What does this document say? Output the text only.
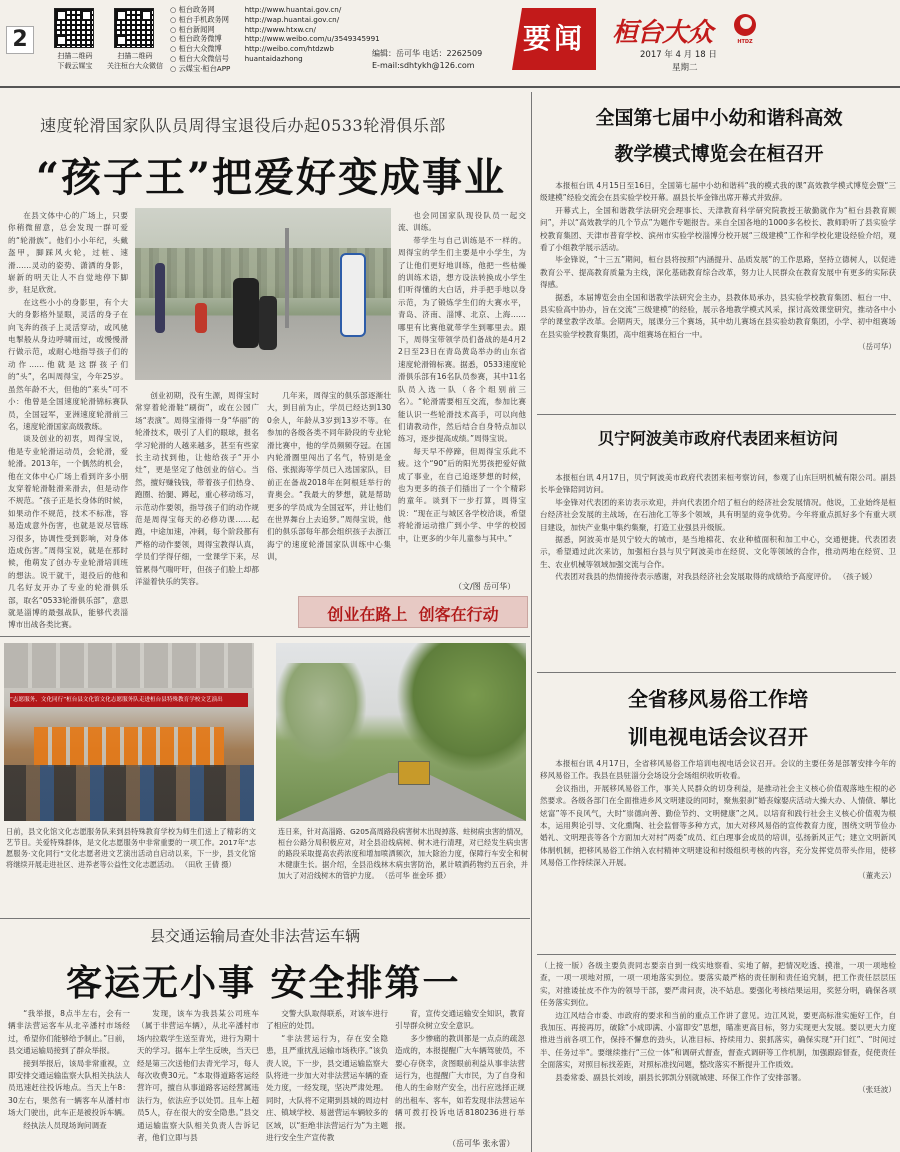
2
扫描二维码
下载云媒宝
扫描二维码
关注桓台大众微信
○ 桓台政务网	http://www.huantai.gov.cn/
○ 桓台手机政务网 http://wap.huantai.gov.cn/
○ 桓台新闻网	http://www.htxw.cn/
○ 桓台政务微博	http://www.weibo.com/u/3549345991
○ 桓台大众微博	http://weibo.com/htdzwb
○ 桓台大众微信号 huantaidazhong
○ 云媒宝·桓台APP
编辑：岳可华 电话：2262509
E-mail:sdhtykh@126.com
要闻	桓台大众	HTDZ
2017 年 4 月 18 日
星期二
速度轮滑国家队队员周得宝退役后办起0533轮滑俱乐部
“孩子王”把爱好变成事业

在县文体中心的广场上，只要你稍微留意，总会发现一群可爱的“轮滑族”。他们小小年纪，头戴盔甲，脚踩风火轮，过桩、速滑……灵动的姿势、潇洒的身影，崭新的明天让人不自觉地停下脚步，驻足欣赏。

在这些小小的身影里，有个大大的身影格外显眼，灵活的身子在向飞奔的孩子上灵活穿动，或风驰电掣般从身边呼啸而过，或慢慢滑行做示范，或耐心地指导孩子们的动作……他就是这群孩子们的“头”，名叫周得宝，今年25岁。虽然年龄不大，但他的“来头”可不小：他曾是全国速度轮滑锦标赛队员，全国冠军，亚洲速度轮滑前三名，速度轮滑国家高级教练。

谈及创业的初衷，周得宝说，他是专业轮滑运动员，会轮滑，爱轮滑。2013年，一个偶然的机会，他在文体中心广场上看到许多小朋友穿着轮滑鞋滑来滑去，但是动作不规范。“孩子正是长身体的时候，如果动作不规范，技术不标准，容易造成意外伤害，也就是说尽管练习很多，协调性受到影响，对身体造成伤害。”周得宝说，就是在那时候，他萌发了创办专业轮滑培训班的想法。说干就干，退役后的他和几名好友开办了专业的轮滑俱乐部，取名“0533轮滑俱乐部”，意思就是淄博的最强战队，能够代表淄博市出战各类比赛。

创业初期，没有生源，周得宝时常穿着轮滑鞋“刷街”，或在公园广场“表演”。周得宝滑得一身“华丽”的轮滑技术，吸引了人们的眼球，报名学习轮滑的人越来越多，甚至有些家长主动找到他，让他给孩子“开小灶”，更是坚定了他创业的信心。当然，擅好赚钱钱，带着孩子们热身、跑圈、抬腿、蹲起，重心移动练习，示范动作要领，指导孩子们的动作规范是周得宝每天的必修功课……起跑，中途加速，冲刺，每个阶段都有严格的动作要领，周得宝教得认真，学员们学得仔细，一堂课学下来，尽管累得气喘吁吁，但孩子们脸上却都洋溢着快乐的笑容。

几年来，周得宝的俱乐部逐渐壮大，到目前为止，学员已经达到1300余人，年龄从3岁到13岁不等。在参加的各级各类不同年龄段的专业轮滑比赛中，他的学员频频夺冠。在国内轮滑圈里闯出了名气，特别是金俗、张振海等学员已入选国家队，目前正在备战2018年在阿根廷举行的青奥会。“我最大的梦想，就是帮助更多的学员成为全国冠军，并让他们在世界舞台上去追梦。”周得宝说，他们的俱乐部每年都会组织孩子去浙江海宁的速度轮滑国家队训练中心集训，

也会同国家队现役队员一起交流、训练。

带学生与自己训练是不一样的。周得宝的学生们主要是中小学生，为了让他们更好地训练，他把一些枯燥的训练术语，想方设法转换成小学生们听得懂的大白话，并手把手地以身示范，为了锻炼学生们的大赛水平，青岛、济南、淄博、北京、上海……哪里有比赛他就带学生到哪里去。跟下，周得宝带领学员们备战的是4月22日至23日在青岛黄岛举办的山东省速度轮滑锦标赛。据悉，0533速度轮滑俱乐部有16名队员参赛，其中11名队员入选一队（各个组别前三名）。“轮滑需要相互交流，参加比赛能认识一些轮滑技术高手，可以向他们请教动作，然后结合自身特点加以练习，逐步提高成绩。”周得宝说。

每天早不停蹄，但周得宝乐此不疲。这个“90”后的阳光男孩把爱好做成了事业，在自己追逐梦想的时候，也为更多的孩子们插出了一个个精彩的童年。谈到下一步打算，周得宝说：“现在正与城区各学校洽谈，希望将轮滑运动推广到小学、中学的校园中，让更多的少年儿童参与其中。”

（文/图 岳可华）
创业在路上  创客在行动
“志愿服务、文化同行”桓台县文化馆文化志愿服务队走进桓台县特殊教育学校文艺演出
日前，县文化馆文化志愿服务队来到县特殊教育学校为师生们送上了精彩的文艺节目。关爱特殊群体，是文化志愿服务中非常重要的一项工作。2017年“志愿服务·文化同行”文化志愿者进文艺演出活动自启动以来，下一步，县文化馆将继续开展走进社区、进养老等公益性文化志愿活动。 （田欣 王倩 摄）
连日来，针对高淄路、G205高周路段病害树木出现掉落、蛀树病虫害的情况，桓台公路分局积极应对，对全县沿线病树、树木进行清理，对已经发生病虫害的路段采取提高农药浓度和增加喷洒频次，加大除治力度，保障行车安全和树木健康生长。据介绍，全县沿线林木病虫害防治，累计喷洒药物约五百余，并加大了对沿线树木的管护力度。 （岳可华 崔金环 摄）
县交通运输局查处非法营运车辆
客运无小事 安全排第一

“我举报，8点半左右，会有一辆非法营运客车从北辛潘村市场经过，希望你们能够给予制止。”日前，县交通运输局接到了群众举报。

接到举报后，该局非常重视，立即安排交通运输监察大队相关执法人员迅速赶往投诉地点。当天上午8：30左右，果然有一辆客车从潘村市场大门驶出，此车正是被投诉车辆。

经执法人员现场询问调查

发现，该车为我县某公司班车（属于非营运车辆），从北辛潘村市场内拉载学生送至青光，进行为期十天的学习。据车上学生反映，当天已经是第三次送他们去青光学习，每人每次收费30元。“本取得道路客运经营许可，擅自从事道路客运经营属违法行为，依法应予以处罚。且车上超员5人，存在很大的安全隐患。”县交通运输监察大队相关负责人告诉记者，他们立即与县

交警大队取得联系，对该车进行了相应的处罚。

“非法营运行为，存在安全隐患，且严重扰乱运输市场秩序。”该负责人说，下一步，县交通运输监察大队将进一步加大对非法营运车辆的查处力度，一经发现，坚决严肃处理。同时，大队将不定期到县城的周边村庄、镇域学校、易滋营运车辆较多的区域，以“拒绝非法营运行为”为主题进行安全生产宣传教

育，宣传交通运输安全知识，教育引导群众树立安全意识。

多少惨痛的教训都是一点点的疏忽造成的，本报提醒广大车辆驾驶员，不要心存侥幸，贪图眼前利益从事非法营运行为，也提醒广大市民，为了自身和他人的生命财产安全，出行应选择正规的出租车、客车，如若发现非法营运车辆可拨打投诉电话8180236进行举报。

（岳可华 张永雷）
全国第七届中小幼和谐科高效
教学模式博览会在桓召开

本报桓台讯 4月15日至16日，全国第七届中小幼和谐科“我的模式我的课”高效教学模式博览会暨“三级建模”经验交流会在县实验学校开幕。副县长毕金锋出席开幕式并致辞。

开幕式上，全国和谐教学法研究会理事长、天津教育科学研究院教授王敏勤就作为“桓台县教育顾问”，并以“高效教学的几个节点”为题作专题报告。来自全国各地的1000多名校长、教师聆听了县实验学校教育集团、天津市普育学校、滨州市实验学校淄博分校开展“三级建模”工作和学校化建设经验介绍，观看了小组教学展示活动。

毕金锋说，“十三五”期间，桓台县将按照“内涵提升、品质发展”的工作思路，坚持立德树人，以促进教育公平、提高教育质量为主线，深化基础教育综合改革，努力让人民群众在教育发展中有更多的实际获得感。

据悉，本届博览会由全国和谐教学法研究会主办，县教体局承办，县实验学校教育集团、桓台一中、县实验高中协办，旨在交流“三级建模”的经验，展示各地教学模式风采，探讨高效课堂研究，推动各中小学的课堂教学改革。会期两天，展课分三个赛场，其中幼儿赛场在县实验幼教育集团，小学、初中组赛场在县实验学校教育集团，高中组赛场在桓台一中。

（岳可华）

贝宁阿波美市政府代表团来桓访问

本报桓台讯 4月17日，贝宁阿波美市政府代表团来桓考察访问，参观了山东巨明机械有限公司。副县长毕金锋陪同访问。

毕金锋对代表团的来访表示欢迎，并向代表团介绍了桓台的经济社会发展情况。他说，工业始终是桓台经济社会发展的主战场，在石油化工等多个领域，具有明显的竞争优势。今年将重点抓好多个有重大项目建设，加快产业集中集约集聚，打造工业强县升级版。

据悉，阿波美市是贝宁较大的城市，是当地棉花、农业种植面积和加工中心，交通便捷。代表团表示，希望通过此次来访，加强桓台县与贝宁阿波美市在经贸、文化等领域的合作，推动两地在经贸、卫生、农业机械等领域加强交流与合作。

代表团对我县的热情接待表示感谢，对我县经济社会发展取得的成绩给予高度评价。 （孩子媛）

全省移风易俗工作培
训电视电话会议召开

本报桓台讯 4月17日，全省移风易俗工作培训电视电话会议召开。会议的主要任务是部署安排今年的移风易俗工作。我县在县驻淄分会场设分会场组织收听收看。

会议指出，开展移风易俗工作，事关人民群众的切身利益，是推动社会主义核心价值观落地生根的必然要求。各级各部门在全面推进乡风文明建设的同时，聚焦狠刹“婚丧嫁娶庆活动大操大办、人情债、攀比炫富”等不良风气，大时“崇德向善、勤俭节约、文明健康”之风。以培育和践行社会主义核心价值观为根本，运用舆论引导、文化熏陶、社会监督等多种方式，加大对移风易俗的宣传教育力度，围绕文明节俭办婚礼、文明理丧等各个方面加大对村“两委”成员、红白理事会成员的培训，弘扬新风正气；建立文明新风体制机制，把移风易俗工作纳入农村精神文明建设和村级组织考核的内容，充分发挥党员带头作用，使移风易俗工作持续深入开展。

（董兆云）

（上接一版）各级主要负责同志要亲自到一线实地察看、实地了解，把情况吃透、摸准，一项一项地检查，一项一项地对照，一项一项地落实到位。要落实最严格的责任制和责任追究制，把工作责任层层压实，对推诿扯皮不作为的领导干部，要严肃问责，决不姑息。要强化考核结果运用，奖惩分明，确保各项任务落实到位。

边江风结合市委、市政府的要求和当前的重点工作讲了意见。边江风说，要更高标准实施好工作，自我加压、再接再厉，破除“小成即满、小富即安”思想，瞄准更高目标，努力实现更大发展。要以更大力度推进当前各项工作，保持不懈怠的劲头，认准目标、持续用力、狠抓落实，确保实现“开门红”、“时间过半、任务过半”。要继续推行“三位一体”和调研式督查，督查式调研等工作机制，加强跟踪督查，促使责任全面落实，对照目标找差距，对照标准找问题，整改落实不断提升工作质效。

县委常委、副县长刘竣，副县长郭凯分别就城建、环保工作作了安排部署。

（张廷波）
